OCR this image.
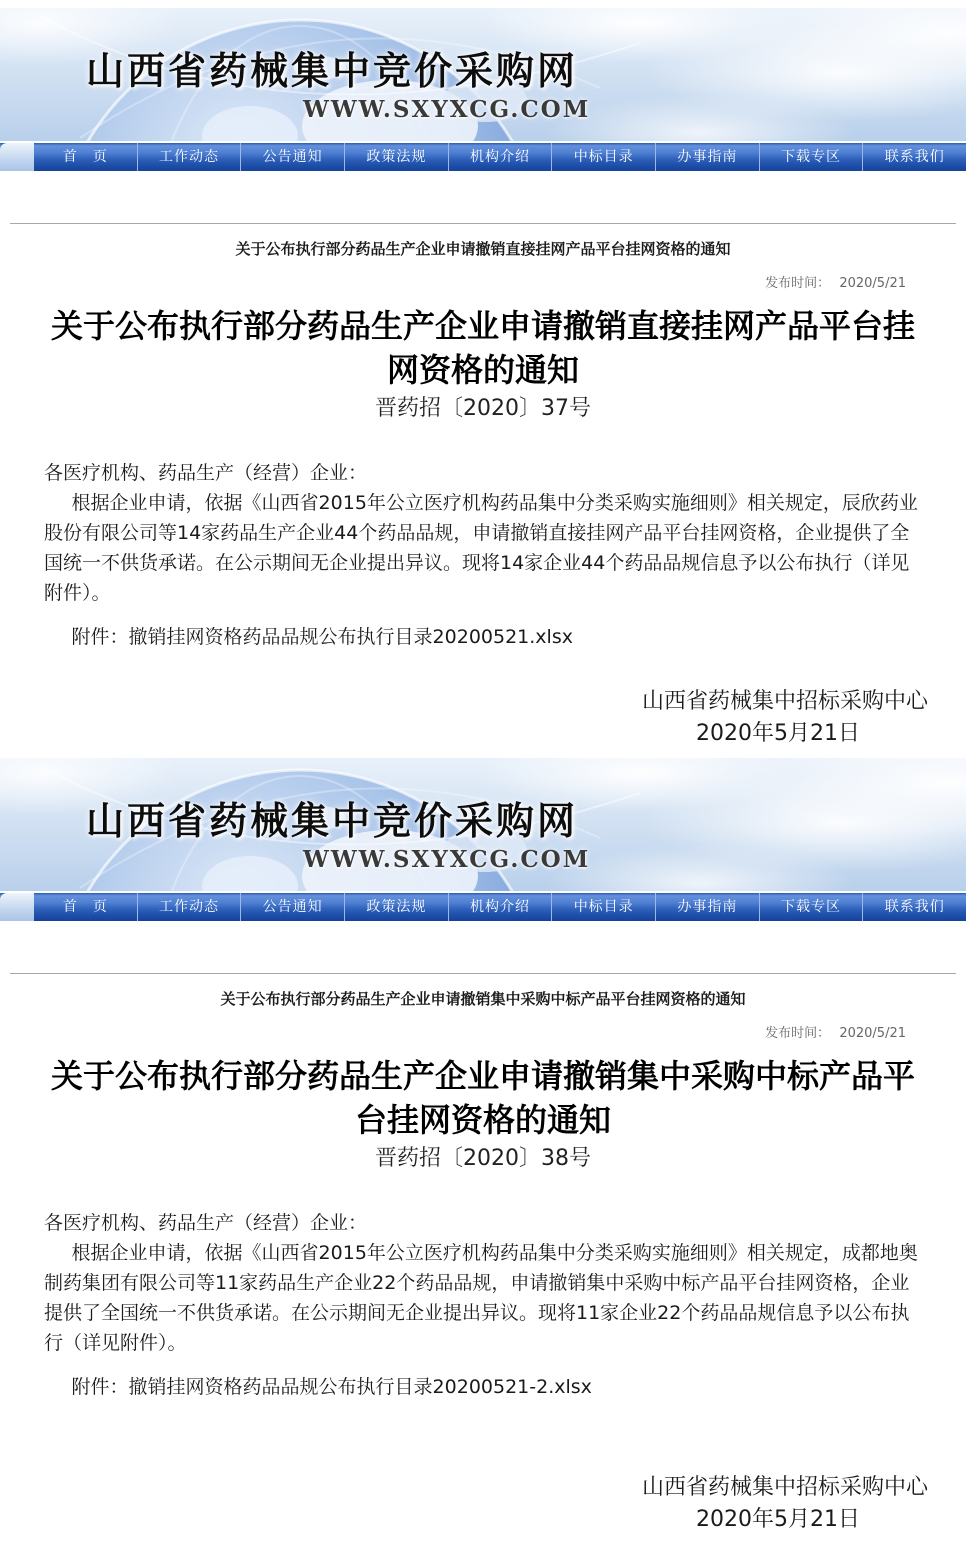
山西省药械集中竞价采购网
WWW.SXYXCG.COM
首　页	工作动态	公告通知	政策法规	机构介绍	中标目录	办事指南	下载专区	联系我们
关于公布执行部分药品生产企业申请撤销直接挂网产品平台挂网资格的通知
发布时间： 2020/5/21
关于公布执行部分药品生产企业申请撤销直接挂网产品平台挂网资格的通知
晋药招〔2020〕37号

各医疗机构、药品生产（经营）企业：

根据企业申请，依据《山西省2015年公立医疗机构药品集中分类采购实施细则》相关规定，辰欣药业股份有限公司等14家药品生产企业44个药品品规，申请撤销直接挂网产品平台挂网资格，企业提供了全国统一不供货承诺。在公示期间无企业提出异议。现将14家企业44个药品品规信息予以公布执行（详见附件）。

附件：撤销挂网资格药品品规公布执行目录20200521.xlsx

山西省药械集中招标采购中心
2020年5月21日
山西省药械集中竞价采购网
WWW.SXYXCG.COM
首　页	工作动态	公告通知	政策法规	机构介绍	中标目录	办事指南	下载专区	联系我们
关于公布执行部分药品生产企业申请撤销集中采购中标产品平台挂网资格的通知
发布时间： 2020/5/21
关于公布执行部分药品生产企业申请撤销集中采购中标产品平台挂网资格的通知
晋药招〔2020〕38号

各医疗机构、药品生产（经营）企业：

根据企业申请，依据《山西省2015年公立医疗机构药品集中分类采购实施细则》相关规定，成都地奥制药集团有限公司等11家药品生产企业22个药品品规，申请撤销集中采购中标产品平台挂网资格，企业提供了全国统一不供货承诺。在公示期间无企业提出异议。现将11家企业22个药品品规信息予以公布执行（详见附件）。

附件：撤销挂网资格药品品规公布执行目录20200521-2.xlsx

山西省药械集中招标采购中心
2020年5月21日
